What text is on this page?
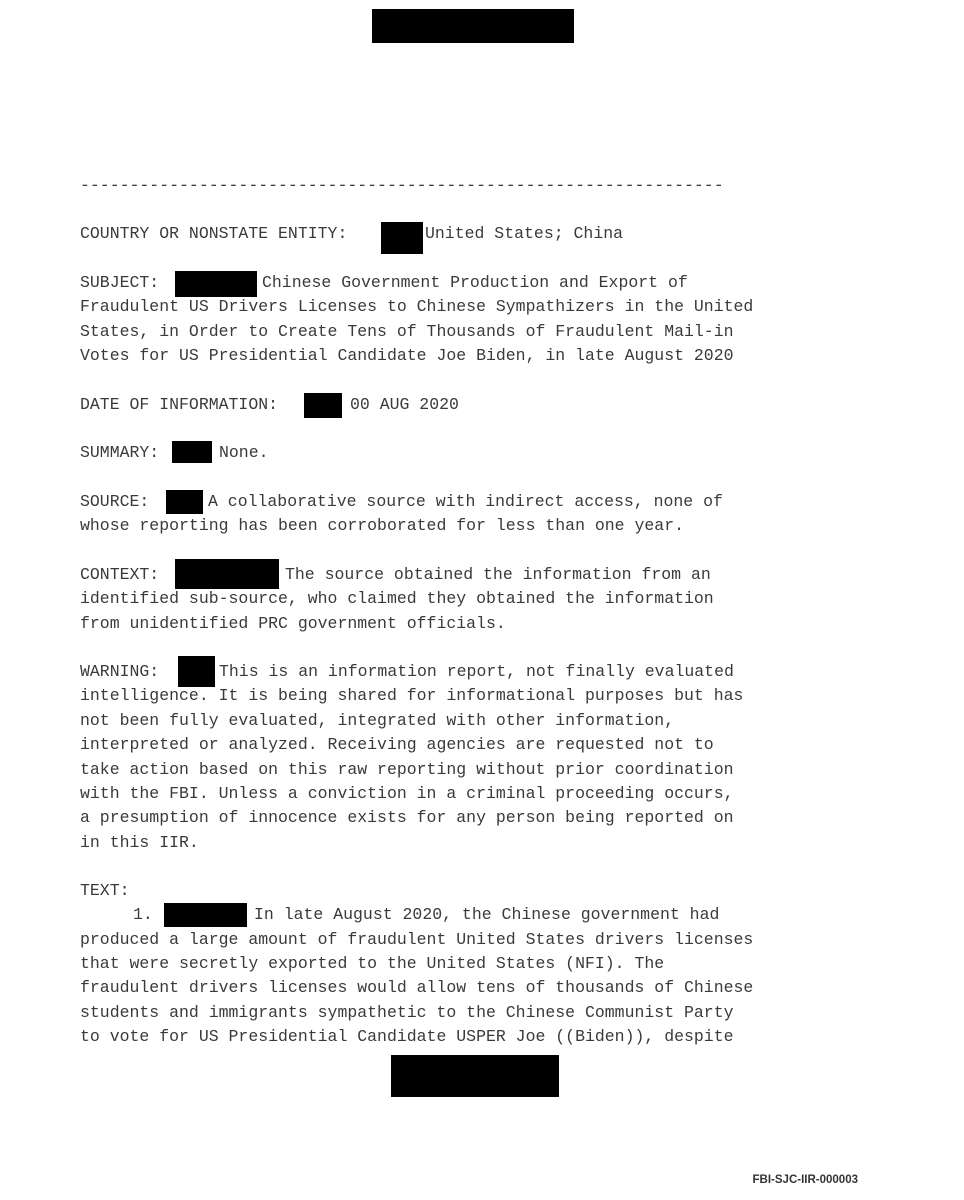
-----------------------------------------------------------------
COUNTRY OR NONSTATE ENTITY:	United States; China
SUBJECT:	Chinese Government Production and Export of
Fraudulent US Drivers Licenses to Chinese Sympathizers in the United
States, in Order to Create Tens of Thousands of Fraudulent Mail-in
Votes for US Presidential Candidate Joe Biden, in late August 2020
DATE OF INFORMATION:	00 AUG 2020
SUMMARY:	None.
SOURCE:	A collaborative source with indirect access, none of
whose reporting has been corroborated for less than one year.
CONTEXT:	The source obtained the information from an
identified sub-source, who claimed they obtained the information
from unidentified PRC government officials.
WARNING:	This is an information report, not finally evaluated
intelligence. It is being shared for informational purposes but has
not been fully evaluated, integrated with other information,
interpreted or analyzed. Receiving agencies are requested not to
take action based on this raw reporting without prior coordination
with the FBI. Unless a conviction in a criminal proceeding occurs,
a presumption of innocence exists for any person being reported on
in this IIR.
TEXT:
1.	In late August 2020, the Chinese government had
produced a large amount of fraudulent United States drivers licenses
that were secretly exported to the United States (NFI). The
fraudulent drivers licenses would allow tens of thousands of Chinese
students and immigrants sympathetic to the Chinese Communist Party
to vote for US Presidential Candidate USPER Joe ((Biden)), despite
FBI-SJC-IIR-000003
